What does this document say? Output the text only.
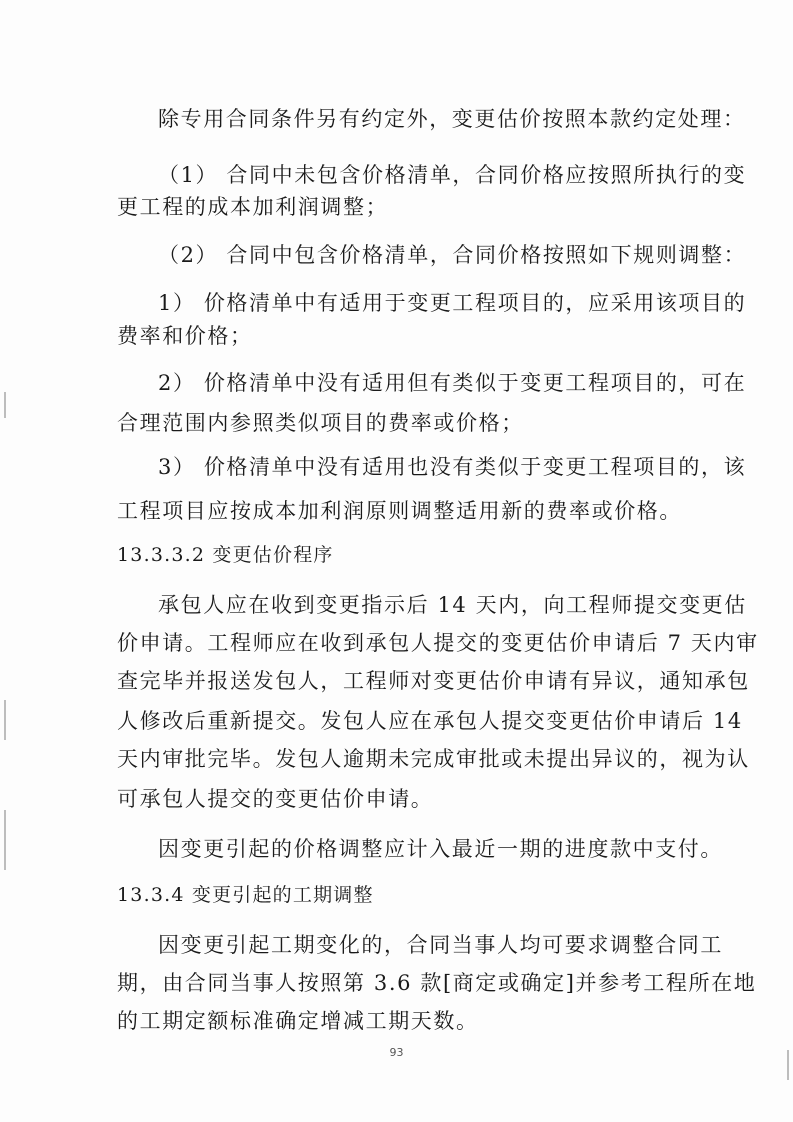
除专用合同条件另有约定外，变更估价按照本款约定处理：
（1） 合同中未包含价格清单，合同价格应按照所执行的变
更工程的成本加利润调整；
（2） 合同中包含价格清单，合同价格按照如下规则调整：
1） 价格清单中有适用于变更工程项目的，应采用该项目的
费率和价格；
2） 价格清单中没有适用但有类似于变更工程项目的，可在
合理范围内参照类似项目的费率或价格；
3） 价格清单中没有适用也没有类似于变更工程项目的，该
工程项目应按成本加利润原则调整适用新的费率或价格。
13.3.3.2 变更估价程序
承包人应在收到变更指示后 14 天内，向工程师提交变更估
价申请。工程师应在收到承包人提交的变更估价申请后 7 天内审
查完毕并报送发包人，工程师对变更估价申请有异议，通知承包
人修改后重新提交。发包人应在承包人提交变更估价申请后 14
天内审批完毕。发包人逾期未完成审批或未提出异议的，视为认
可承包人提交的变更估价申请。
因变更引起的价格调整应计入最近一期的进度款中支付。
13.3.4 变更引起的工期调整
因变更引起工期变化的，合同当事人均可要求调整合同工
期，由合同当事人按照第 3.6 款[商定或确定]并参考工程所在地
的工期定额标准确定增减工期天数。
93
